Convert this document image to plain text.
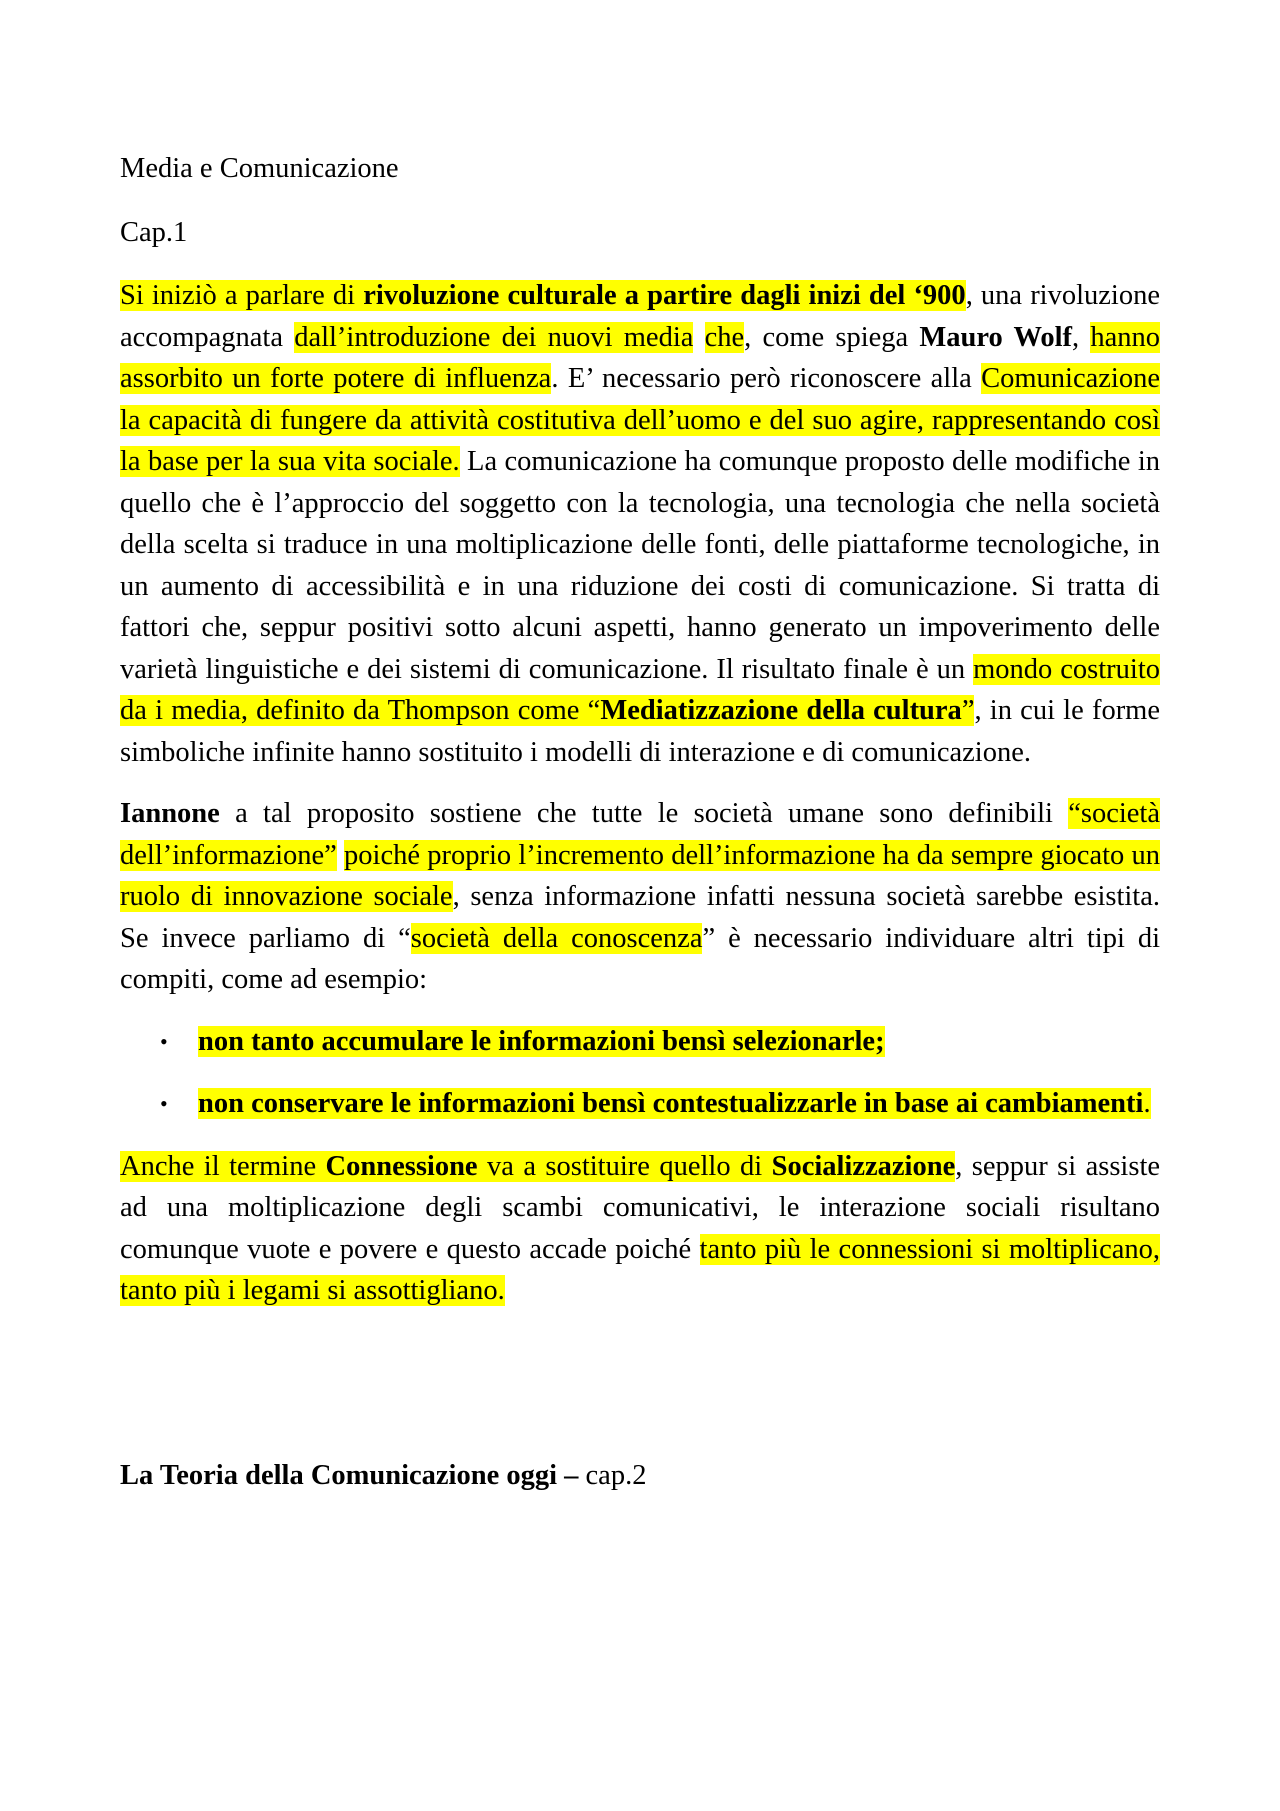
Media e Comunicazione

Cap.1

Si iniziò a parlare di rivoluzione culturale a partire dagli inizi del ‘900, una rivoluzione accompagnata dall’introduzione dei nuovi media che, come spiega Mauro Wolf, hanno assorbito un forte potere di influenza. E’ necessario però riconoscere alla Comunicazione la capacità di fungere da attività costitutiva dell’uomo e del suo agire, rappresentando così la base per la sua vita sociale. La comunicazione ha comunque proposto delle modifiche in quello che è l’approccio del soggetto con la tecnologia, una tecnologia che nella società della scelta si traduce in una moltiplicazione delle fonti, delle piattaforme tecnologiche, in un aumento di accessibilità e in una riduzione dei costi di comunicazione. Si tratta di fattori che, seppur positivi sotto alcuni aspetti, hanno generato un impoverimento delle varietà linguistiche e dei sistemi di comunicazione. Il risultato finale è un mondo costruito da i media, definito da Thompson come “Mediatizzazione della cultura”, in cui le forme simboliche infinite hanno sostituito i modelli di interazione e di comunicazione.

Iannone a tal proposito sostiene che tutte le società umane sono definibili “società dell’informazione” poiché proprio l’incremento dell’informazione ha da sempre giocato un ruolo di innovazione sociale, senza informazione infatti nessuna società sarebbe esistita. Se invece parliamo di “società della conoscenza” è necessario individuare altri tipi di compiti, come ad esempio:

• non tanto accumulare le informazioni bensì selezionarle;
• non conservare le informazioni bensì contestualizzarle in base ai cambiamenti.

Anche il termine Connessione va a sostituire quello di Socializzazione, seppur si assiste ad una moltiplicazione degli scambi comunicativi, le interazione sociali risultano comunque vuote e povere e questo accade poiché tanto più le connessioni si moltiplicano, tanto più i legami si assottigliano.

La Teoria della Comunicazione oggi – cap.2
